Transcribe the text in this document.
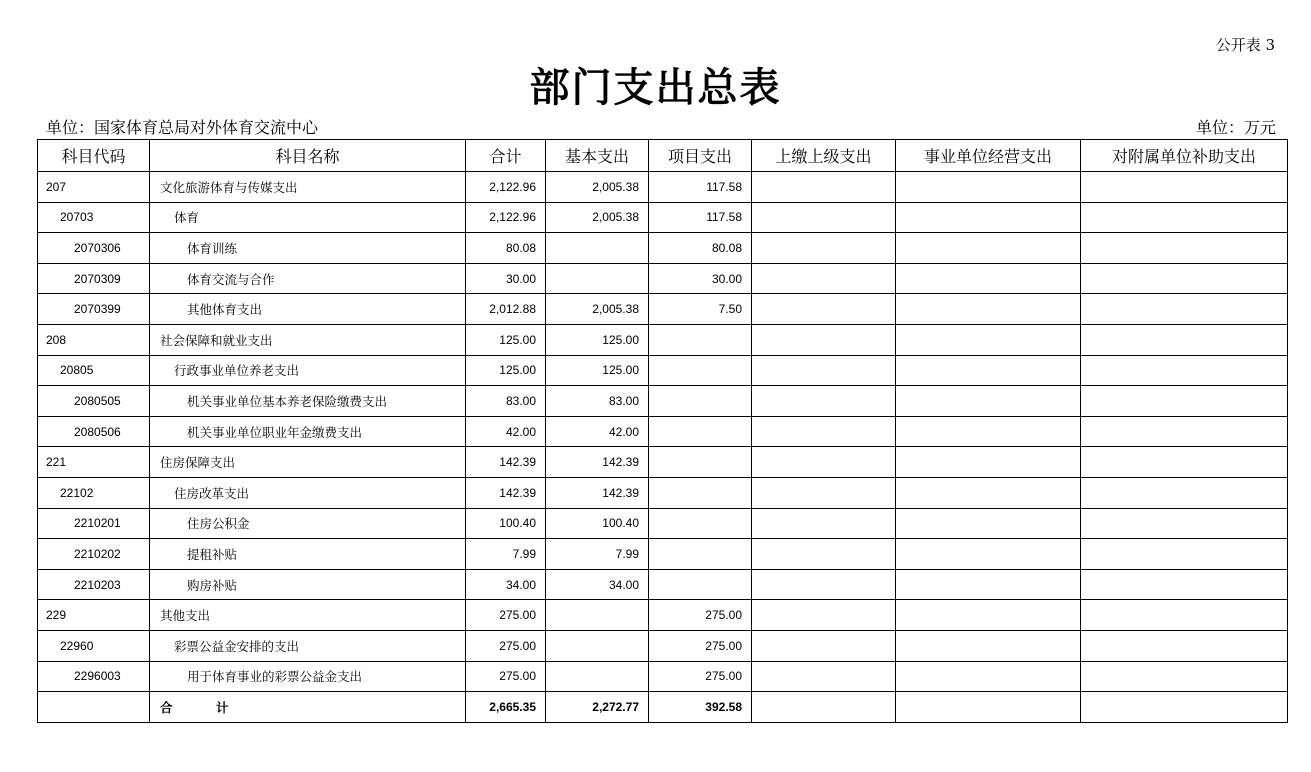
公开表 3
部门支出总表
单位：国家体育总局对外体育交流中心	单位：万元
科目代码	科目名称	合计	基本支出	项目支出	上缴上级支出	事业单位经营支出	对附属单位补助支出
207	文化旅游体育与传媒支出	2,122.96	2,005.38	117.58			
20703	体育	2,122.96	2,005.38	117.58			
2070306	体育训练	80.08		80.08			
2070309	体育交流与合作	30.00		30.00			
2070399	其他体育支出	2,012.88	2,005.38	7.50			
208	社会保障和就业支出	125.00	125.00				
20805	行政事业单位养老支出	125.00	125.00				
2080505	机关事业单位基本养老保险缴费支出	83.00	83.00				
2080506	机关事业单位职业年金缴费支出	42.00	42.00				
221	住房保障支出	142.39	142.39				
22102	住房改革支出	142.39	142.39				
2210201	住房公积金	100.40	100.40				
2210202	提租补贴	7.99	7.99				
2210203	购房补贴	34.00	34.00				
229	其他支出	275.00		275.00			
22960	彩票公益金安排的支出	275.00		275.00			
2296003	用于体育事业的彩票公益金支出	275.00		275.00			
	合          计	2,665.35	2,272.77	392.58			
